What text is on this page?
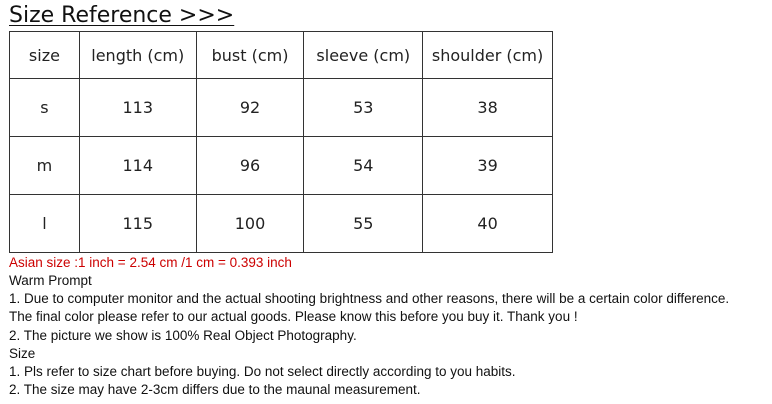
Size Reference >>>
size	length (cm)	bust (cm)	sleeve (cm)	shoulder (cm)
s	113	92	53	38
m	114	96	54	39
l	115	100	55	40
Asian size :1 inch = 2.54 cm /1 cm = 0.393 inch
Warm Prompt
1. Due to computer monitor and the actual shooting brightness and other reasons, there will be a certain color difference.
The final color please refer to our actual goods. Please know this before you buy it. Thank you !
2. The picture we show is 100% Real Object Photography.
Size
1. Pls refer to size chart before buying. Do not select directly according to you habits.
2. The size may have 2-3cm differs due to the maunal measurement.
